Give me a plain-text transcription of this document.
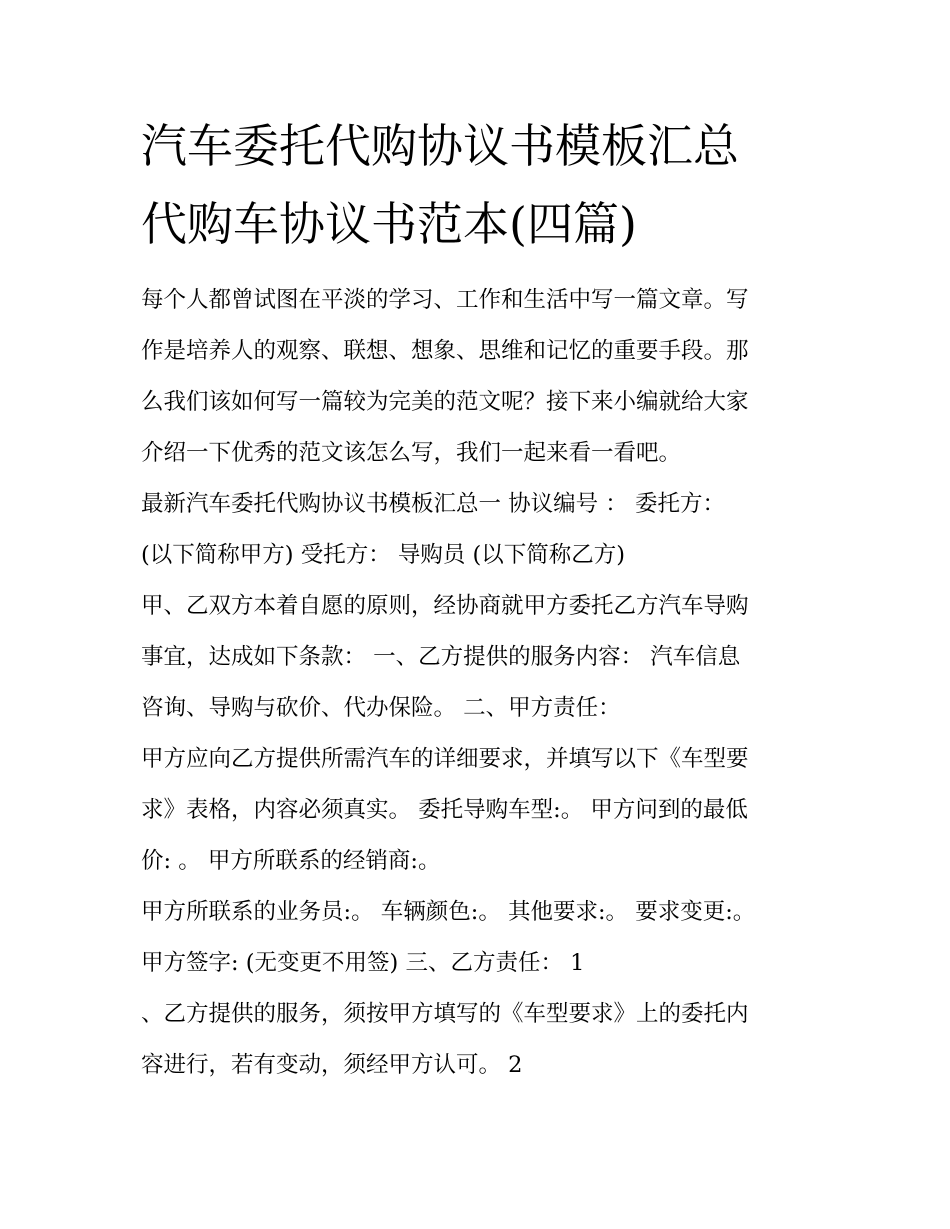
汽车委托代购协议书模板汇总
代购车协议书范本(四篇)

每个人都曾试图在平淡的学习、工作和生活中写一篇文章。写

作是培养人的观察、联想、想象、思维和记忆的重要手段。那

么我们该如何写一篇较为完美的范文呢？接下来小编就给大家

介绍一下优秀的范文该怎么写，我们一起来看一看吧。

最新汽车委托代购协议书模板汇总一 协议编号 ： 委托方：

(以下简称甲方) 受托方： 导购员 (以下简称乙方)

甲、乙双方本着自愿的原则，经协商就甲方委托乙方汽车导购

事宜，达成如下条款： 一、乙方提供的服务内容： 汽车信息

咨询、导购与砍价、代办保险。 二、甲方责任：

甲方应向乙方提供所需汽车的详细要求，并填写以下《车型要

求》表格，内容必须真实。 委托导购车型:。 甲方问到的最低

价: 。 甲方所联系的经销商:。

甲方所联系的业务员:。 车辆颜色:。 其他要求:。 要求变更:。

甲方签字: (无变更不用签) 三、乙方责任： 1

、乙方提供的服务，须按甲方填写的《车型要求》上的委托内

容进行，若有变动，须经甲方认可。 2
